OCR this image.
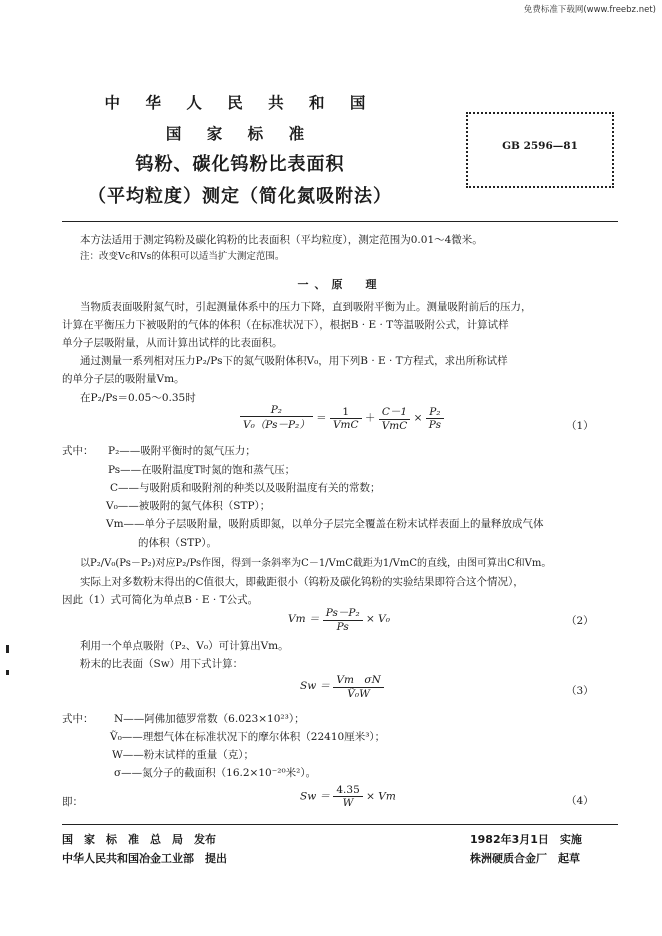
免费标准下载网(www.freebz.net)
中 华 人 民 共 和 国
国 家 标 准
钨粉、碳化钨粉比表面积
（平均粒度）测定（简化氮吸附法）
GB 2596—81
本方法适用于测定钨粉及碳化钨粉的比表面积（平均粒度），测定范围为0.01～4微米。
注：改变Vc和Vs的体积可以适当扩大测定范围。
一、原　理
当物质表面吸附氮气时，引起测量体系中的压力下降，直到吸附平衡为止。测量吸附前后的压力，
计算在平衡压力下被吸附的气体的体积（在标准状况下），根据B · E · T等温吸附公式，计算试样
单分子层吸附量，从而计算出试样的比表面积。
通过测量一系列相对压力P₂/Ps下的氮气吸附体积V₀，用下列B · E · T方程式，求出所称试样
的单分子层的吸附量Vm。
在P₂/Ps＝0.05～0.35时
$\frac{\text{P₂}}{\text{V₀（Ps－P₂）}} = \frac{1}{\text{VmC}} + \frac{C-1}{\text{VmC}} \times \frac{\text{P₂}}{Ps}$	（1）
式中： P₂——吸附平衡时的氮气压力；
Ps——在吸附温度T时氮的饱和蒸气压；
C——与吸附质和吸附剂的种类以及吸附温度有关的常数；
V₀——被吸附的氮气体积（STP）；
Vm——单分子层吸附量，吸附质即氮，以单分子层完全覆盖在粉末试样表面上的量释放成气体
的体积（STP）。
以P₂/V₀(Ps－P₂)对应P₂/Ps作图，得到一条斜率为C－1/VmC截距为1/VmC的直线，由图可算出C和Vm。
实际上对多数粉末得出的C值很大，即截距很小（钨粉及碳化钨粉的实验结果即符合这个情况），
因此（1）式可简化为单点B · E · T公式。
$Vm = \frac{\text{Ps－P₂}}{Ps} \times V_0$	（2）
利用一个单点吸附（P₂、V₀）可计算出Vm。
粉末的比表面（Sw）用下式计算：
$Sw = \frac{\text{Vm　σN}}{\text{Ṽ₀W}}$	（3）
式中： N——阿佛加德罗常数（6.023×10²³）；
Ṽ₀——理想气体在标准状况下的摩尔体积（22410厘米³）；
W——粉末试样的重量（克）；
σ——氮分子的截面积（16.2×10⁻²⁰米²）。
即：	$Sw = \frac{4.35}{W} \times Vm$	（4）
国　家　标　准　总　局　发布
中华人民共和国冶金工业部　提出
1982年3月1日　实施
株洲硬质合金厂　起草
